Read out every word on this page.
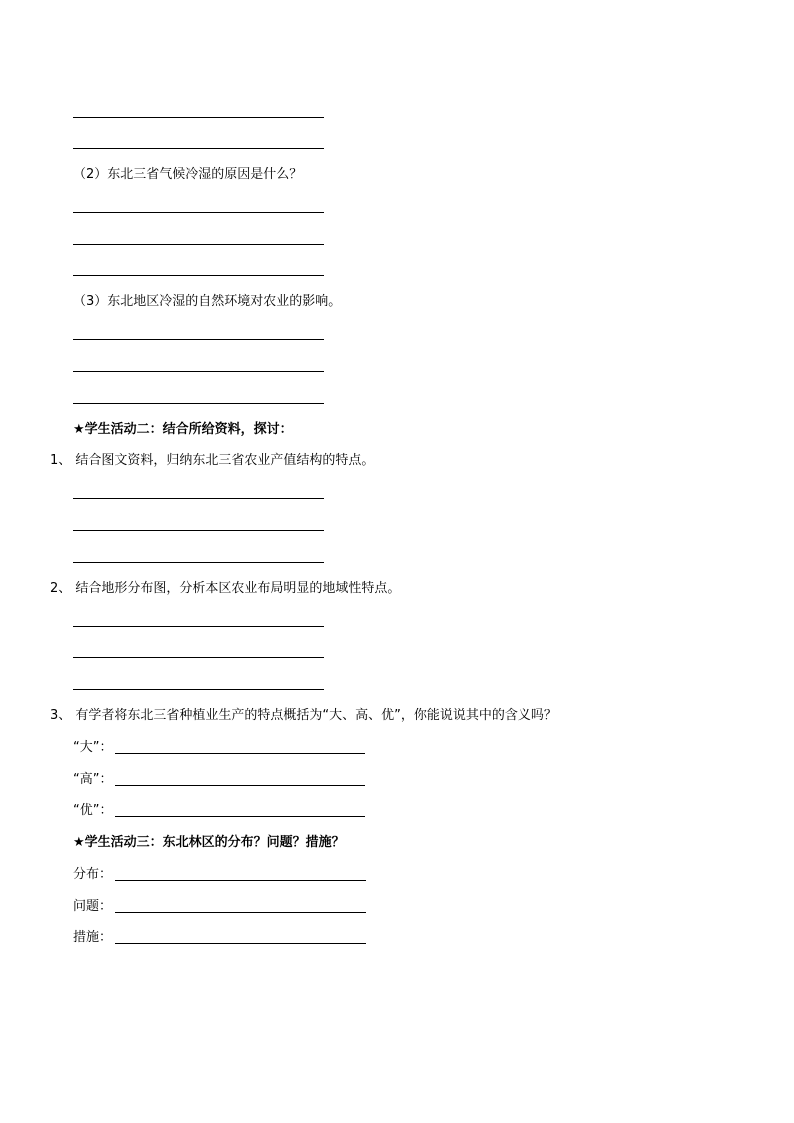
（2）东北三省气候冷湿的原因是什么？
（3）东北地区冷湿的自然环境对农业的影响。
★学生活动二：结合所给资料，探讨：
1、 结合图文资料，归纳东北三省农业产值结构的特点。
2、 结合地形分布图，分析本区农业布局明显的地域性特点。
3、 有学者将东北三省种植业生产的特点概括为“大、高、优”，你能说说其中的含义吗？
“大”：
“高”：
“优”：
★学生活动三：东北林区的分布？问题？措施？
分布：
问题：
措施：
